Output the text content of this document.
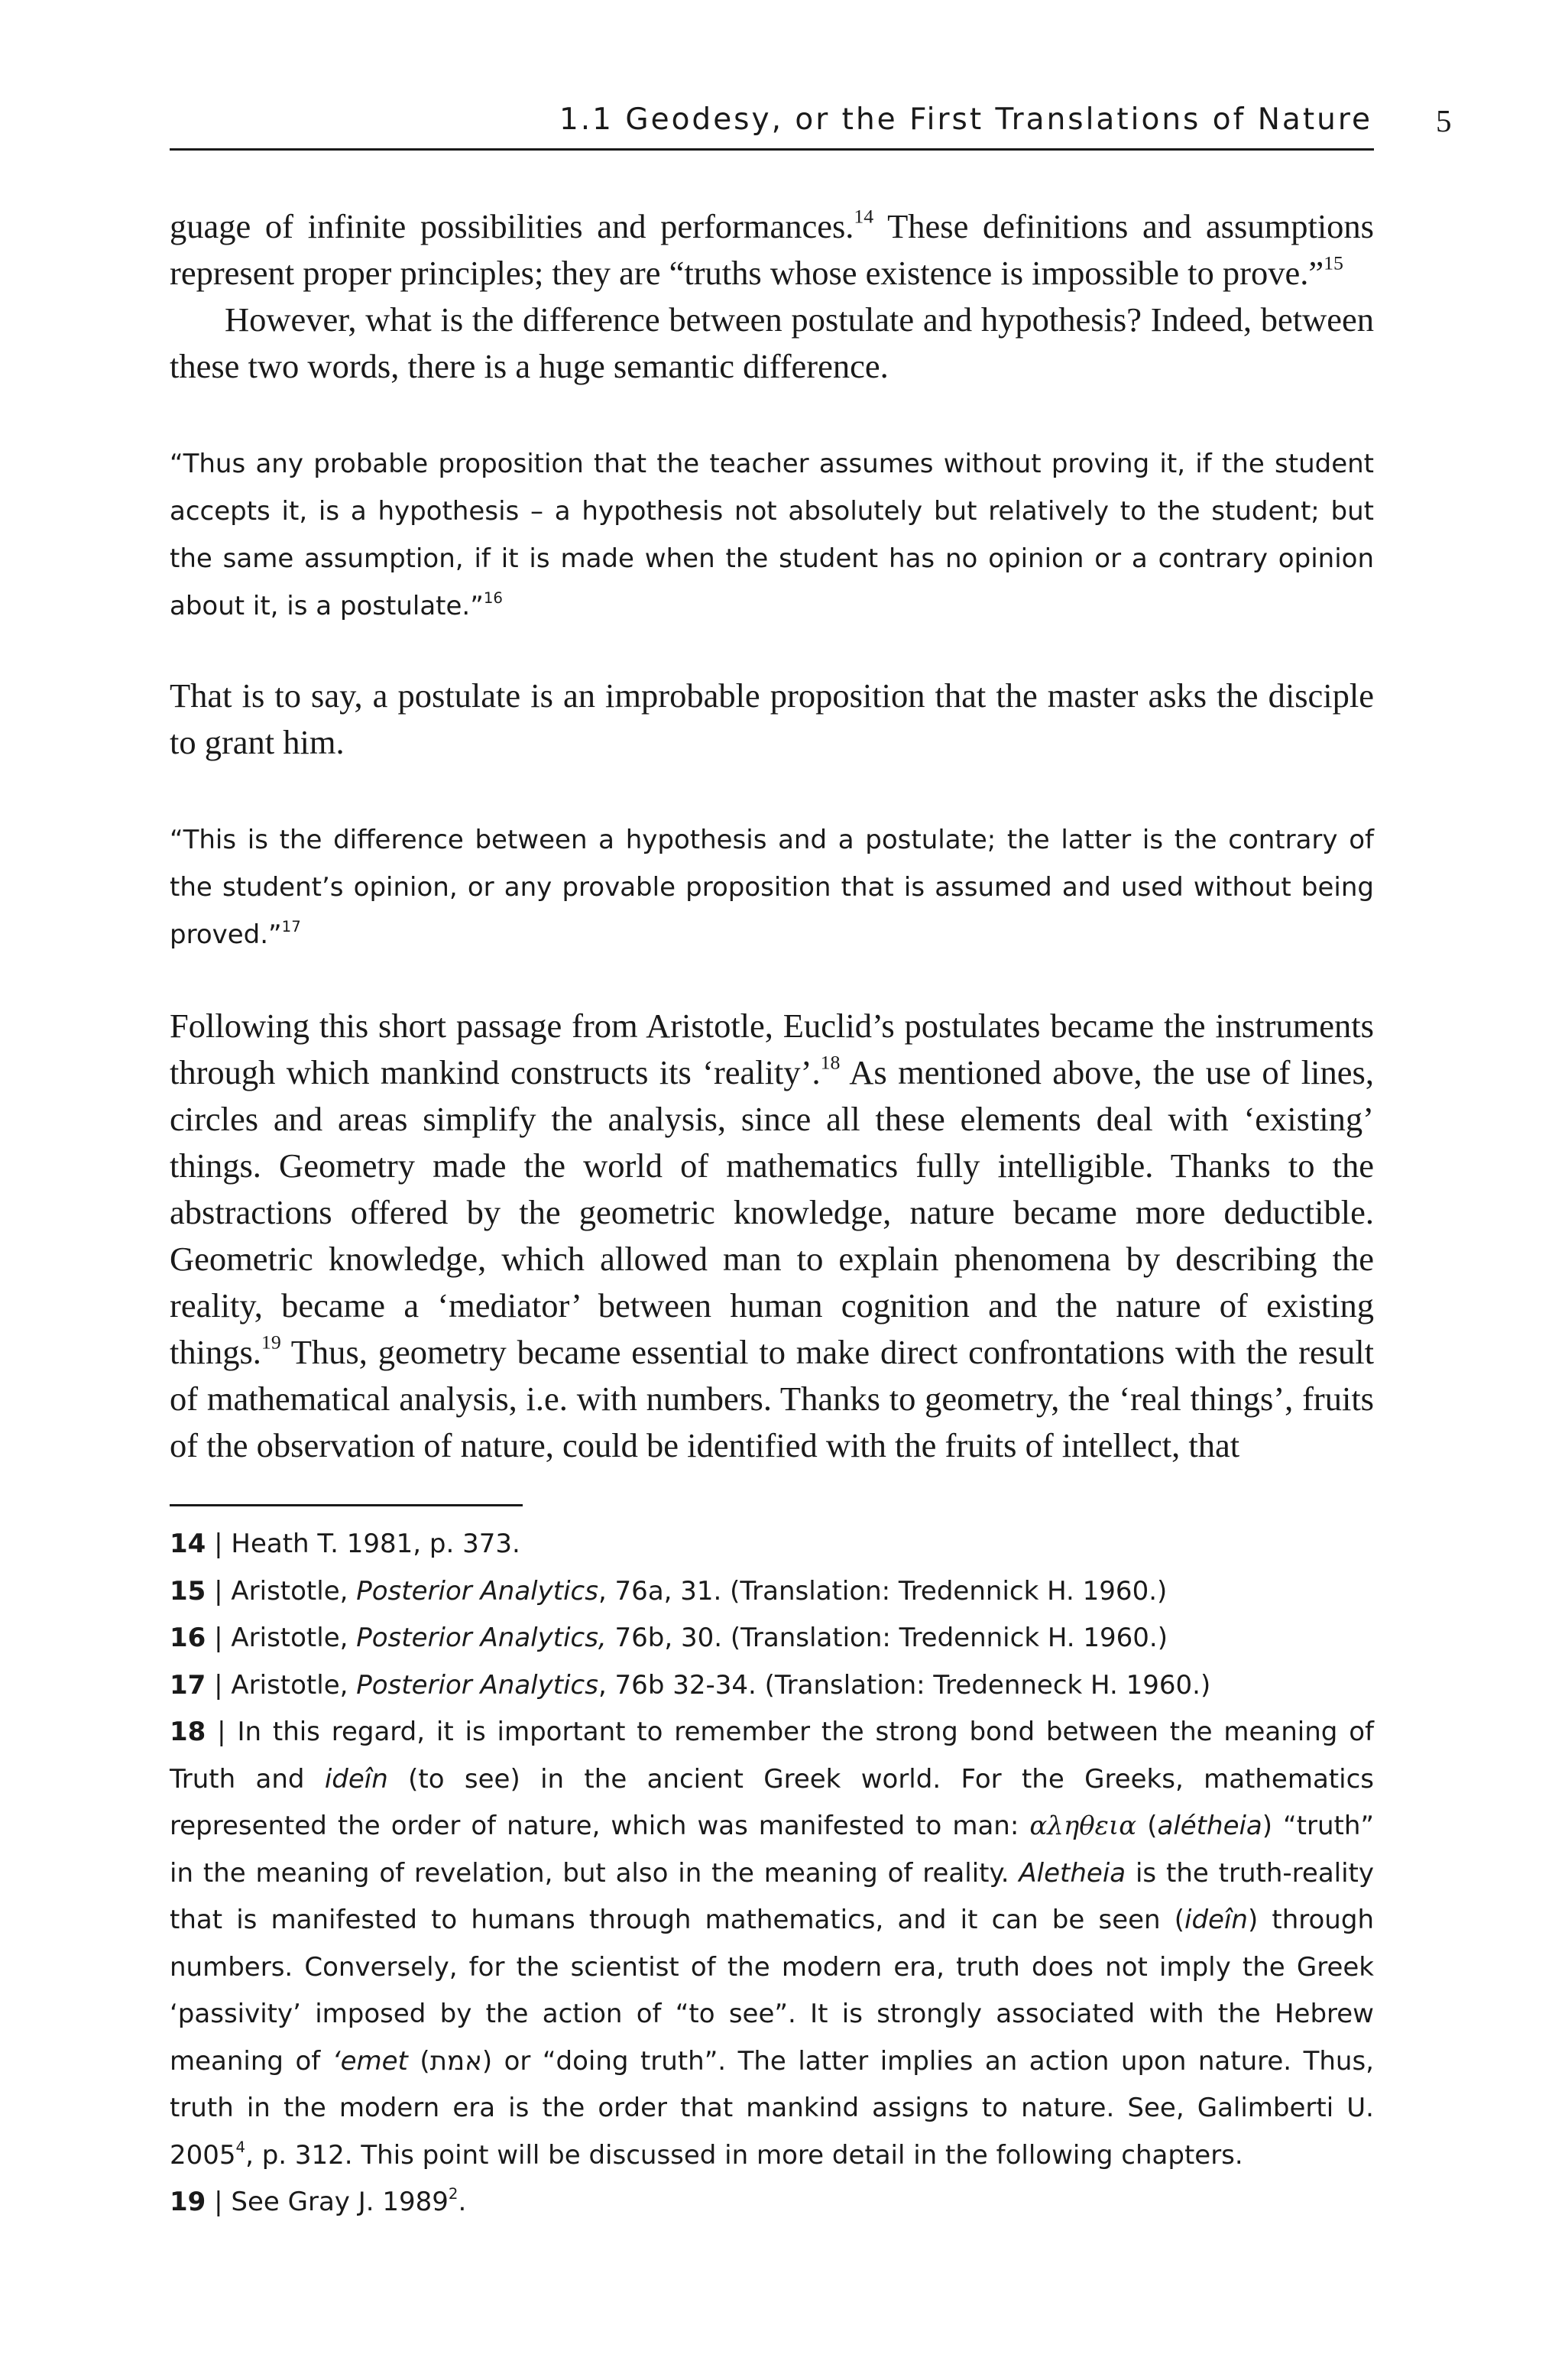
1.1 Geodesy, or the First Translations of Nature 5

guage of infinite possibilities and performances.$^{14}$ These definitions and assumptions represent proper principles; they are “truths whose existence is impossible to prove.”$^{15}$

However, what is the difference between postulate and hypothesis? Indeed, between these two words, there is a huge semantic difference.

“Thus any probable proposition that the teacher assumes without proving it, if the student accepts it, is a hypothesis – a hypothesis not absolutely but relatively to the student; but the same assumption, if it is made when the student has no opinion or a contrary opinion about it, is a postulate.”$^{16}$

That is to say, a postulate is an improbable proposition that the master asks the disciple to grant him.

“This is the difference between a hypothesis and a postulate; the latter is the contrary of the student’s opinion, or any provable proposition that is assumed and used without being proved.”$^{17}$

Following this short passage from Aristotle, Euclid’s postulates became the instruments through which mankind constructs its ‘reality’.$^{18}$ As mentioned above, the use of lines, circles and areas simplify the analysis, since all these elements deal with ‘existing’ things. Geometry made the world of mathematics fully intelligible. Thanks to the abstractions offered by the geometric knowledge, nature became more deductible. Geometric knowledge, which allowed man to explain phenomena by describing the reality, became a ‘mediator’ between human cognition and the nature of existing things.$^{19}$ Thus, geometry became essential to make direct confrontations with the result of mathematical analysis, i.e. with numbers. Thanks to geometry, the ‘real things’, fruits of the observation of nature, could be identified with the fruits of intellect, that

14 | Heath T. 1981, p. 373.

15 | Aristotle, Posterior Analytics, 76a, 31. (Translation: Tredennick H. 1960.)

16 | Aristotle, Posterior Analytics, 76b, 30. (Translation: Tredennick H. 1960.)

17 | Aristotle, Posterior Analytics, 76b 32-34. (Translation: Tredenneck H. 1960.)

18 | In this regard, it is important to remember the strong bond between the meaning of Truth and ideîn (to see) in the ancient Greek world. For the Greeks, mathematics represented the order of nature, which was manifested to man: αληθεια (alétheia) “truth” in the meaning of revelation, but also in the meaning of reality. Aletheia is the truth-reality that is manifested to humans through mathematics, and it can be seen (ideîn) through numbers. Conversely, for the scientist of the modern era, truth does not imply the Greek ‘passivity’ imposed by the action of “to see”. It is strongly associated with the Hebrew meaning of ‘emet (אמת) or “doing truth”. The latter implies an action upon nature. Thus, truth in the modern era is the order that mankind assigns to nature. See, Galimberti U. 2005$^4$, p. 312. This point will be discussed in more detail in the following chapters.

19 | See Gray J. 1989$^2$.
